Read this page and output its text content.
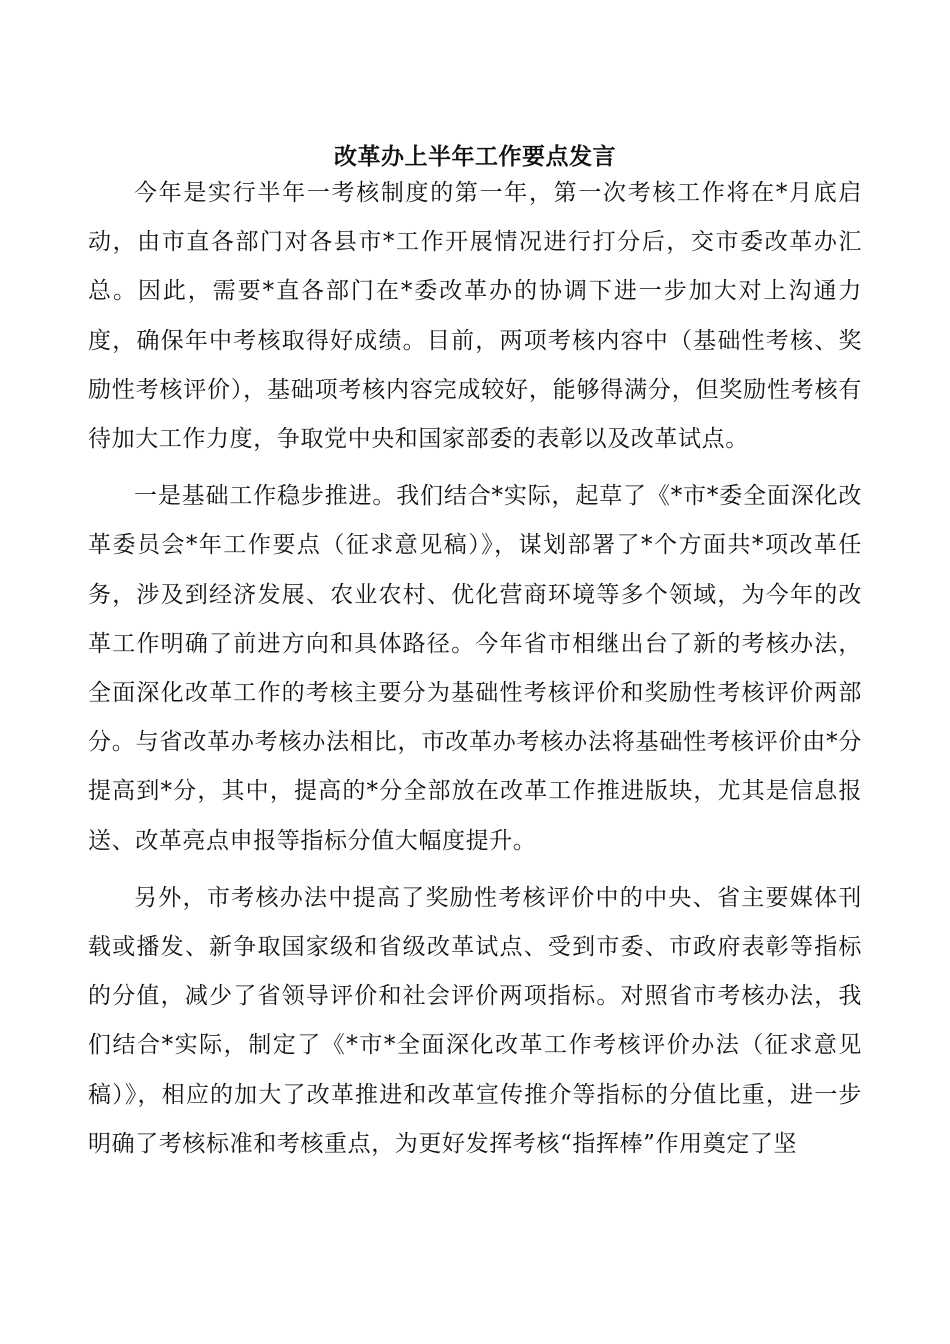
改革办上半年工作要点发言

今年是实行半年一考核制度的第一年，第一次考核工作将在*月底启动，由市直各部门对各县市*工作开展情况进行打分后，交市委改革办汇总。因此，需要*直各部门在*委改革办的协调下进一步加大对上沟通力度，确保年中考核取得好成绩。目前，两项考核内容中（基础性考核、奖励性考核评价），基础项考核内容完成较好，能够得满分，但奖励性考核有待加大工作力度，争取党中央和国家部委的表彰以及改革试点。

一是基础工作稳步推进。我们结合*实际，起草了《*市*委全面深化改革委员会*年工作要点（征求意见稿）》，谋划部署了*个方面共*项改革任务，涉及到经济发展、农业农村、优化营商环境等多个领域，为今年的改革工作明确了前进方向和具体路径。今年省市相继出台了新的考核办法，全面深化改革工作的考核主要分为基础性考核评价和奖励性考核评价两部分。与省改革办考核办法相比，市改革办考核办法将基础性考核评价由*分提高到*分，其中，提高的*分全部放在改革工作推进版块，尤其是信息报送、改革亮点申报等指标分值大幅度提升。

另外，市考核办法中提高了奖励性考核评价中的中央、省主要媒体刊载或播发、新争取国家级和省级改革试点、受到市委、市政府表彰等指标的分值，减少了省领导评价和社会评价两项指标。对照省市考核办法，我们结合*实际，制定了《*市*全面深化改革工作考核评价办法（征求意见稿）》，相应的加大了改革推进和改革宣传推介等指标的分值比重，进一步明确了考核标准和考核重点，为更好发挥考核“指挥棒”作用奠定了坚
